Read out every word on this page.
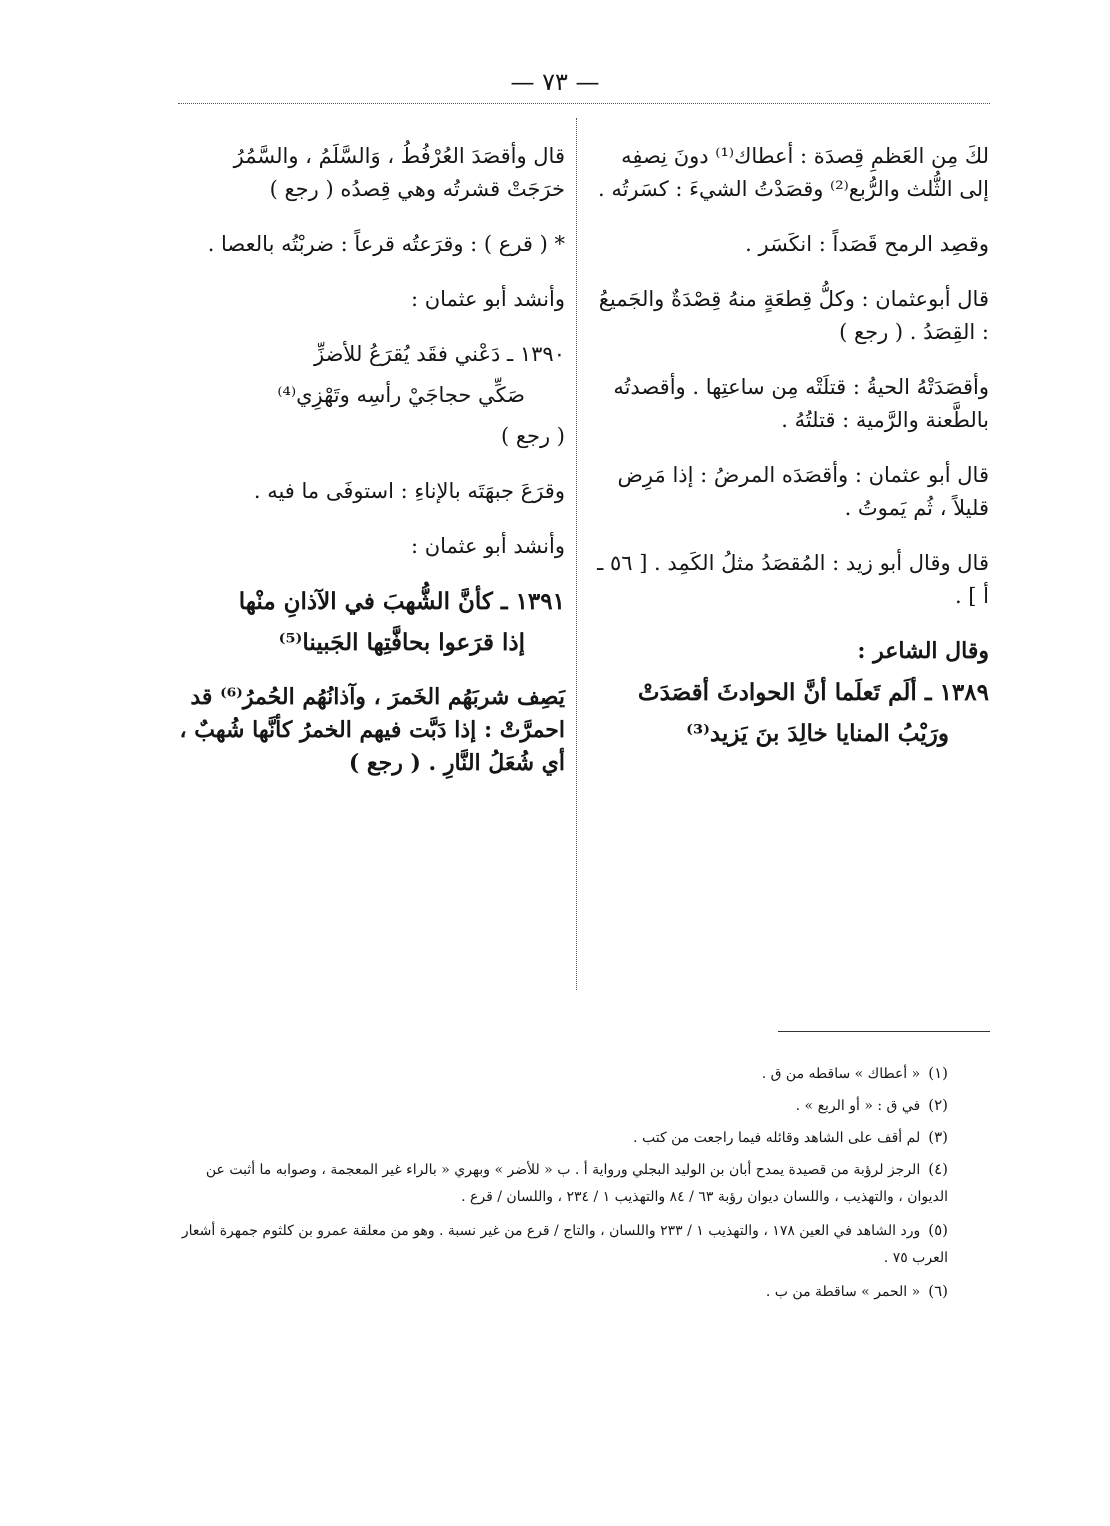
— ٧٣ —

لكَ مِن العَظمِ قِصدَة : أعطاك⁽¹⁾ دونَ نِصفِه إلى الثُّلث والرُّبع⁽²⁾ وقصَدْتُ الشيءَ : كسَرتُه .

وقصِد الرمح قَصَداً : انكَسَر .

قال أبوعثمان : وكلُّ قِطعَةٍ منهُ قِصْدَةٌ والجَميعُ : القِصَدُ . ( رجع )

وأقصَدَتْهُ الحيةُ : قتلَتْه مِن ساعتِها . وأقصدتُه بالطَّعنة والرَّمية : قتلتُهُ .

قال أبو عثمان : وأقصَدَه المرضُ : إذا مَرِض قليلاً ، ثُم يَموتُ .

قال وقال أبو زيد : المُقصَدُ مثلُ الكَمِد . [ ٥٦ ـ أ ] .

وقال الشاعر :

١٣٨٩ ـ ألَم تَعلَما أنَّ الحوادثَ أقصَدَتْ

ورَيْبُ المنايا خالِدَ بنَ يَزيد⁽³⁾

قال وأقصَدَ العُرْفُطُ ، وَالسَّلَمُ ، والسَّمُرُ خرَجَتْ قشرتُه وهي قِصدُه ( رجع )

* ( قرع ) : وقرَعتُه قرعاً : ضربْتُه بالعصا .

وأنشد أبو عثمان :

١٣٩٠ ـ دَعْني فقَد يُقرَعُ للأضزِّ

صَكِّي حجاجَيْ رأسِه وتَهْزِي⁽⁴⁾

( رجع )

وقرَعَ جبهَتَه بالإناءِ : استوفَى ما فيه .

وأنشد أبو عثمان :

١٣٩١ ـ كأنَّ الشُّهبَ في الآذانِ منْها

إذا قرَعوا بحافَّتِها الجَبينا⁽⁵⁾

يَصِف شربَهُم الخَمرَ ، وآذانُهُم الحُمرُ⁽⁶⁾ قد احمرَّتْ : إذا دَبَّت فيهم الخمرُ كأنَّها شُهبٌ ، أي شُعَلُ النَّارِ . ( رجع )

(١)« أعطاك » ساقطه من ق .

(٢)في ق : « أو الربع » .

(٣)لم أقف على الشاهد وقائله فيما راجعت من كتب .

(٤)الرجز لرؤبة من قصيدة يمدح أبان بن الوليد البجلي ورواية أ . ب « للأضر » وبهري « بالراء غير المعجمة ، وصوابه ما أثبت عن الديوان ، والتهذيب ، واللسان ديوان رؤبة ٦٣ / ٨٤ والتهذيب ١ / ٢٣٤ ، واللسان / قرع .

(٥)ورد الشاهد في العين ١٧٨ ، والتهذيب ١ / ٢٣٣ واللسان ، والتاج / قرع من غير نسبة . وهو من معلقة عمرو بن كلثوم جمهرة أشعار العرب ٧٥ .

(٦)« الحمر » ساقطة من ب .
